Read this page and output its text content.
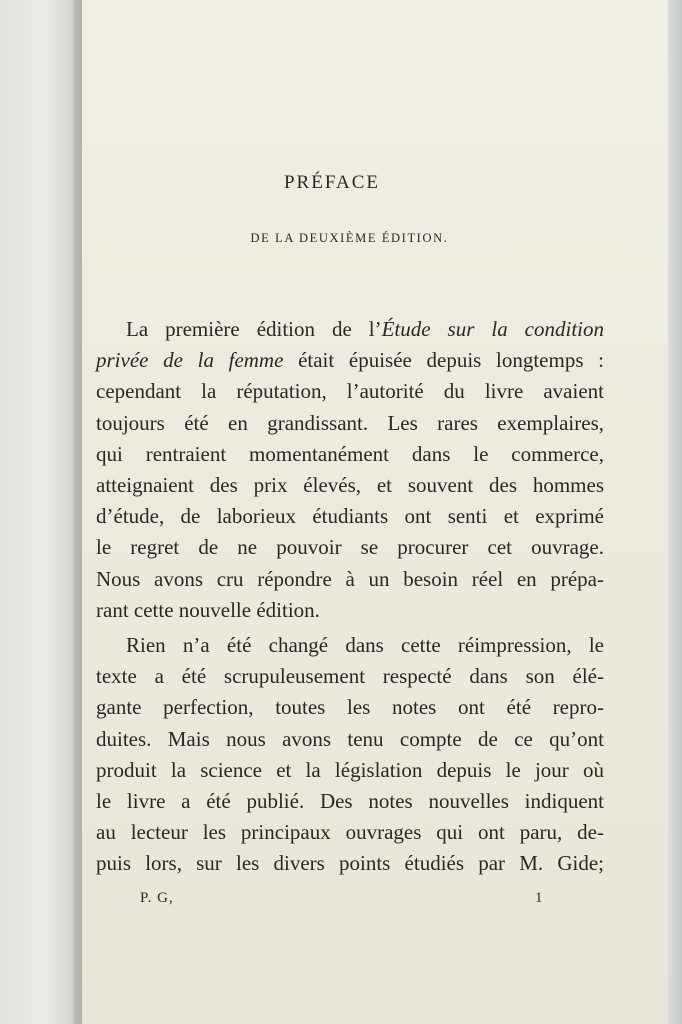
PRÉFACE

DE LA DEUXIÈME ÉDITION.

La première édition de l’Étude sur la condition
privée de la femme était épuisée depuis longtemps :
cependant la réputation, l’autorité du livre avaient
toujours été en grandissant. Les rares exemplaires,
qui rentraient momentanément dans le commerce,
atteignaient des prix élevés, et souvent des hommes
d’étude, de laborieux étudiants ont senti et exprimé
le regret de ne pouvoir se procurer cet ouvrage.
Nous avons cru répondre à un besoin réel en prépa-
rant cette nouvelle édition.
Rien n’a été changé dans cette réimpression, le
texte a été scrupuleusement respecté dans son élé-
gante perfection, toutes les notes ont été repro-
duites. Mais nous avons tenu compte de ce qu’ont
produit la science et la législation depuis le jour où
le livre a été publié. Des notes nouvelles indiquent
au lecteur les principaux ouvrages qui ont paru, de-
puis lors, sur les divers points étudiés par M. Gide;

P. G,	1
